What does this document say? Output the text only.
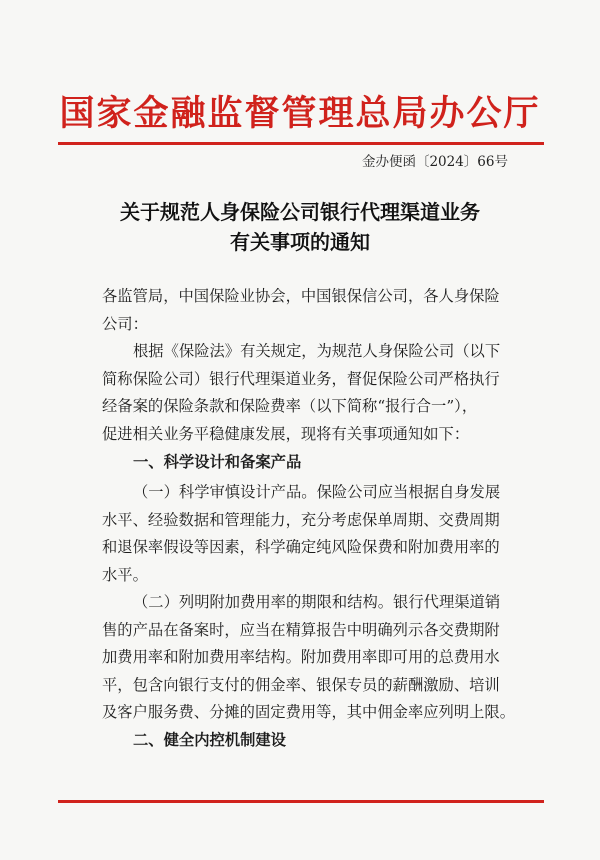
国家金融监督管理总局办公厅
金办便函〔2024〕66号
关于规范人身保险公司银行代理渠道业务
有关事项的通知
各监管局，中国保险业协会，中国银保信公司，各人身保险
公司：
根据《保险法》有关规定，为规范人身保险公司（以下
简称保险公司）银行代理渠道业务，督促保险公司严格执行
经备案的保险条款和保险费率（以下简称“报行合一”），
促进相关业务平稳健康发展，现将有关事项通知如下：
一、科学设计和备案产品
（一）科学审慎设计产品。保险公司应当根据自身发展
水平、经验数据和管理能力，充分考虑保单周期、交费周期
和退保率假设等因素，科学确定纯风险保费和附加费用率的
水平。
（二）列明附加费用率的期限和结构。银行代理渠道销
售的产品在备案时，应当在精算报告中明确列示各交费期附
加费用率和附加费用率结构。附加费用率即可用的总费用水
平，包含向银行支付的佣金率、银保专员的薪酬激励、培训
及客户服务费、分摊的固定费用等，其中佣金率应列明上限。
二、健全内控机制建设
